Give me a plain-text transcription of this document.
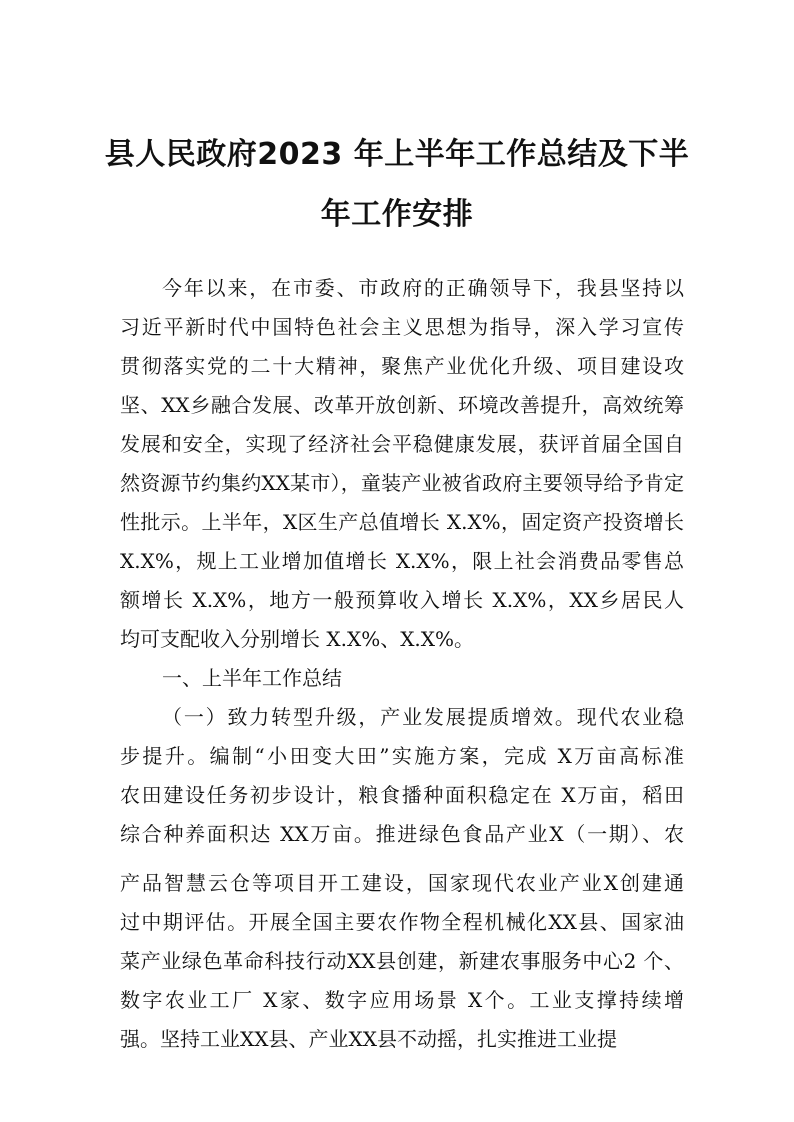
县人民政府2023 年上半年工作总结及下半
年工作安排
今年以来，在市委、市政府的正确领导下，我县坚持以
习近平新时代中国特色社会主义思想为指导，深入学习宣传
贯彻落实党的二十大精神，聚焦产业优化升级、项目建设攻
坚、XX乡融合发展、改革开放创新、环境改善提升，高效统筹
发展和安全，实现了经济社会平稳健康发展，获评首届全国自
然资源节约集约XX某市），童装产业被省政府主要领导给予肯定
性批示。上半年，X区生产总值增长 X.X%，固定资产投资增长
X.X%，规上工业增加值增长 X.X%，限上社会消费品零售总
额增长 X.X%，地方一般预算收入增长 X.X%，XX乡居民人
均可支配收入分别增长 X.X%、X.X%。
一、上半年工作总结
（一）致力转型升级，产业发展提质增效。现代农业稳
步提升。编制“小田变大田”实施方案，完成 X万亩高标准
农田建设任务初步设计，粮食播种面积稳定在 X万亩，稻田
综合种养面积达 XX万亩。推进绿色食品产业X（一期）、农
产品智慧云仓等项目开工建设，国家现代农业产业X创建通
过中期评估。开展全国主要农作物全程机械化XX县、国家油
菜产业绿色革命科技行动XX县创建，新建农事服务中心2 个、
数字农业工厂 X家、数字应用场景 X个。工业支撑持续增
强。坚持工业XX县、产业XX县不动摇，扎实推进工业提
